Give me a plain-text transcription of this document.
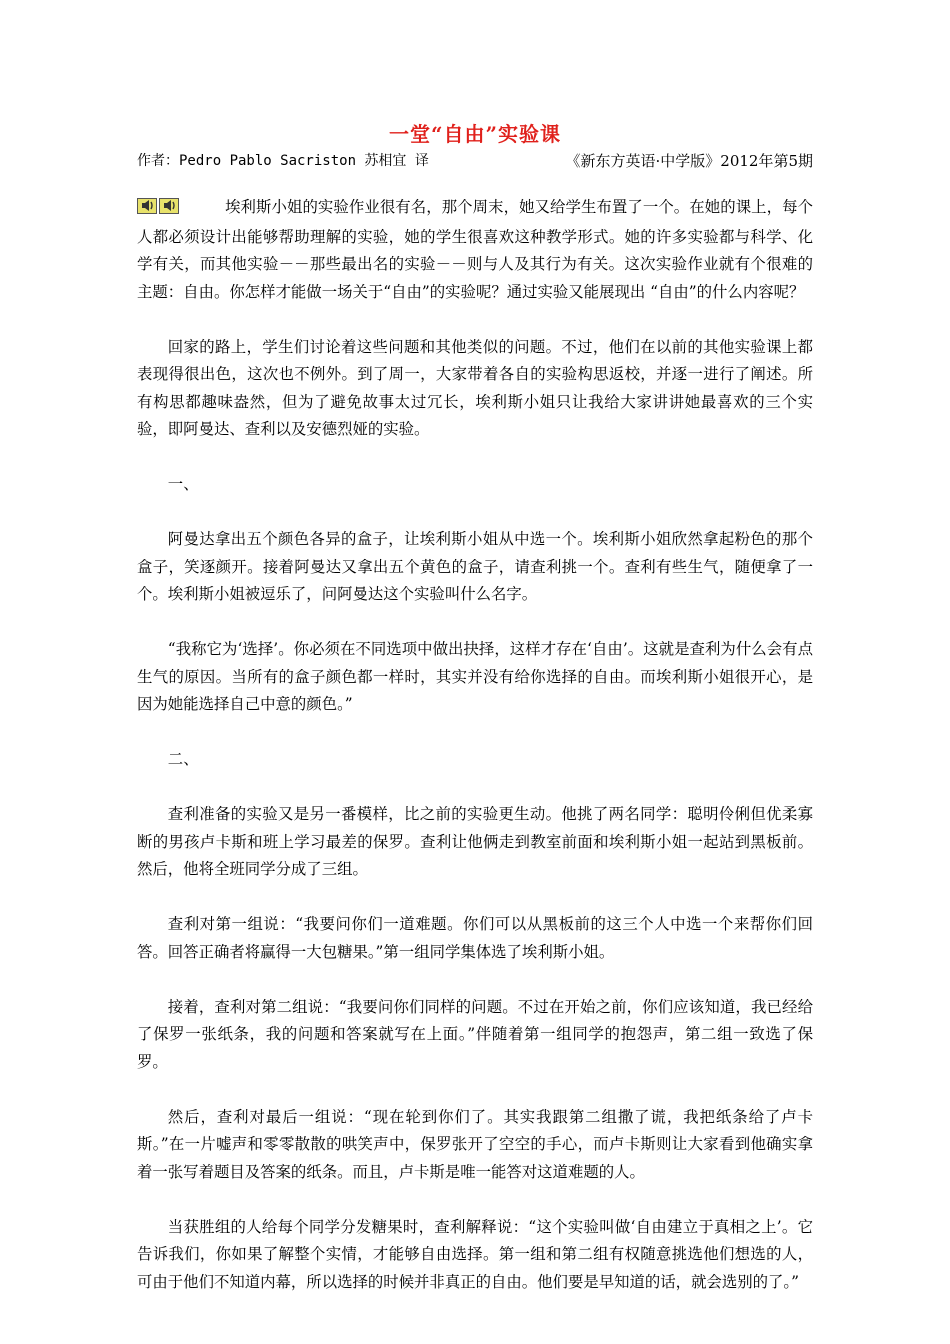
一堂“自由”实验课
作者：Pedro Pablo Sacriston 苏相宜 译	《新东方英语·中学版》2012年第5期

埃利斯小姐的实验作业很有名，那个周末，她又给学生布置了一个。在她的课上，每个人都必须设计出能够帮助理解的实验，她的学生很喜欢这种教学形式。她的许多实验都与科学、化学有关，而其他实验－－那些最出名的实验－－则与人及其行为有关。这次实验作业就有个很难的主题：自由。你怎样才能做一场关于“自由”的实验呢？通过实验又能展现出 “自由”的什么内容呢？

回家的路上，学生们讨论着这些问题和其他类似的问题。不过，他们在以前的其他实验课上都表现得很出色，这次也不例外。到了周一，大家带着各自的实验构思返校，并逐一进行了阐述。所有构思都趣味盎然，但为了避免故事太过冗长，埃利斯小姐只让我给大家讲讲她最喜欢的三个实验，即阿曼达、查利以及安德烈娅的实验。

一、

阿曼达拿出五个颜色各异的盒子，让埃利斯小姐从中选一个。埃利斯小姐欣然拿起粉色的那个盒子，笑逐颜开。接着阿曼达又拿出五个黄色的盒子，请查利挑一个。查利有些生气，随便拿了一个。埃利斯小姐被逗乐了，问阿曼达这个实验叫什么名字。

“我称它为‘选择’。你必须在不同选项中做出抉择，这样才存在‘自由’。这就是查利为什么会有点生气的原因。当所有的盒子颜色都一样时，其实并没有给你选择的自由。而埃利斯小姐很开心，是因为她能选择自己中意的颜色。”

二、

查利准备的实验又是另一番模样，比之前的实验更生动。他挑了两名同学：聪明伶俐但优柔寡断的男孩卢卡斯和班上学习最差的保罗。查利让他俩走到教室前面和埃利斯小姐一起站到黑板前。然后，他将全班同学分成了三组。

查利对第一组说：“我要问你们一道难题。你们可以从黑板前的这三个人中选一个来帮你们回答。回答正确者将赢得一大包糖果。”第一组同学集体选了埃利斯小姐。

接着，查利对第二组说：“我要问你们同样的问题。不过在开始之前，你们应该知道，我已经给了保罗一张纸条，我的问题和答案就写在上面。”伴随着第一组同学的抱怨声，第二组一致选了保罗。

然后，查利对最后一组说：“现在轮到你们了。其实我跟第二组撒了谎，我把纸条给了卢卡斯。”在一片嘘声和零零散散的哄笑声中，保罗张开了空空的手心，而卢卡斯则让大家看到他确实拿着一张写着题目及答案的纸条。而且，卢卡斯是唯一能答对这道难题的人。

当获胜组的人给每个同学分发糖果时，查利解释说：“这个实验叫做‘自由建立于真相之上’。它告诉我们，你如果了解整个实情，才能够自由选择。第一组和第二组有权随意挑选他们想选的人，可由于他们不知道内幕，所以选择的时候并非真正的自由。他们要是早知道的话，就会选别的了。”
